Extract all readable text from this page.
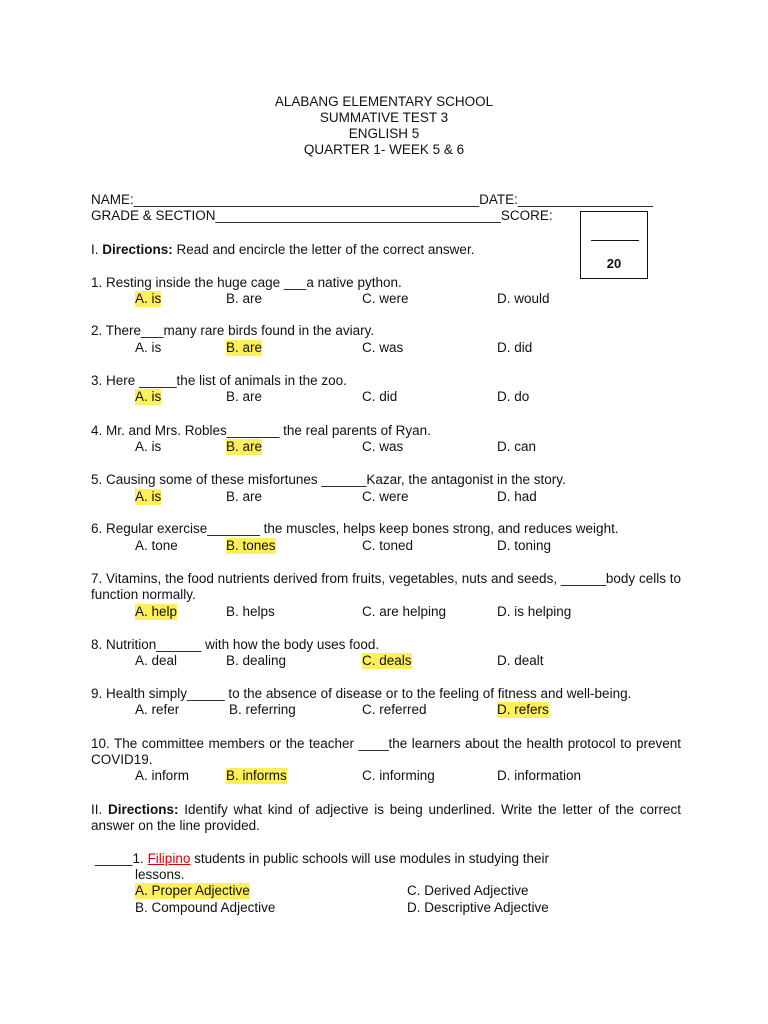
ALABANG ELEMENTARY SCHOOL
SUMMATIVE TEST 3
ENGLISH 5
QUARTER 1- WEEK 5 & 6
NAME:______________________________________________DATE:__________________
GRADE & SECTION______________________________________SCORE:
20
I. Directions: Read and encircle the letter of the correct answer.
1. Resting inside the huge cage ___a native python.
A. is	B. are	C. were	D. would
2. There___many rare birds found in the aviary.
A. is	B. are	C. was	D. did
3. Here _____the list of animals in the zoo.
A. is	B. are	C. did	D. do
4. Mr. and Mrs. Robles_______ the real parents of Ryan.
A. is	B. are	C. was	D. can
5. Causing some of these misfortunes ______Kazar, the antagonist in the story.
A. is	B. are	C. were	D. had
6. Regular exercise_______ the muscles, helps keep bones strong, and reduces weight.
A. tone	B. tones	C. toned	D. toning
7. Vitamins, the food nutrients derived from fruits, vegetables, nuts and seeds, ______body cells to function normally.
A. help	B. helps	C. are helping	D. is helping
8. Nutrition______ with how the body uses food.
A. deal	B. dealing	C. deals	D. dealt
9. Health simply_____ to the absence of disease or to the feeling of fitness and well-being.
A. refer	B. referring	C. referred	D. refers
10. The committee members or the teacher ____the learners about the health protocol to prevent COVID19.
A. inform	B. informs	C. informing	D. information
II. Directions: Identify what kind of adjective is being underlined. Write the letter of the correct answer on the line provided.
_____1. Filipino students in public schools will use modules in studying their
lessons.
A. Proper Adjective	C. Derived Adjective
B. Compound Adjective	D. Descriptive Adjective
